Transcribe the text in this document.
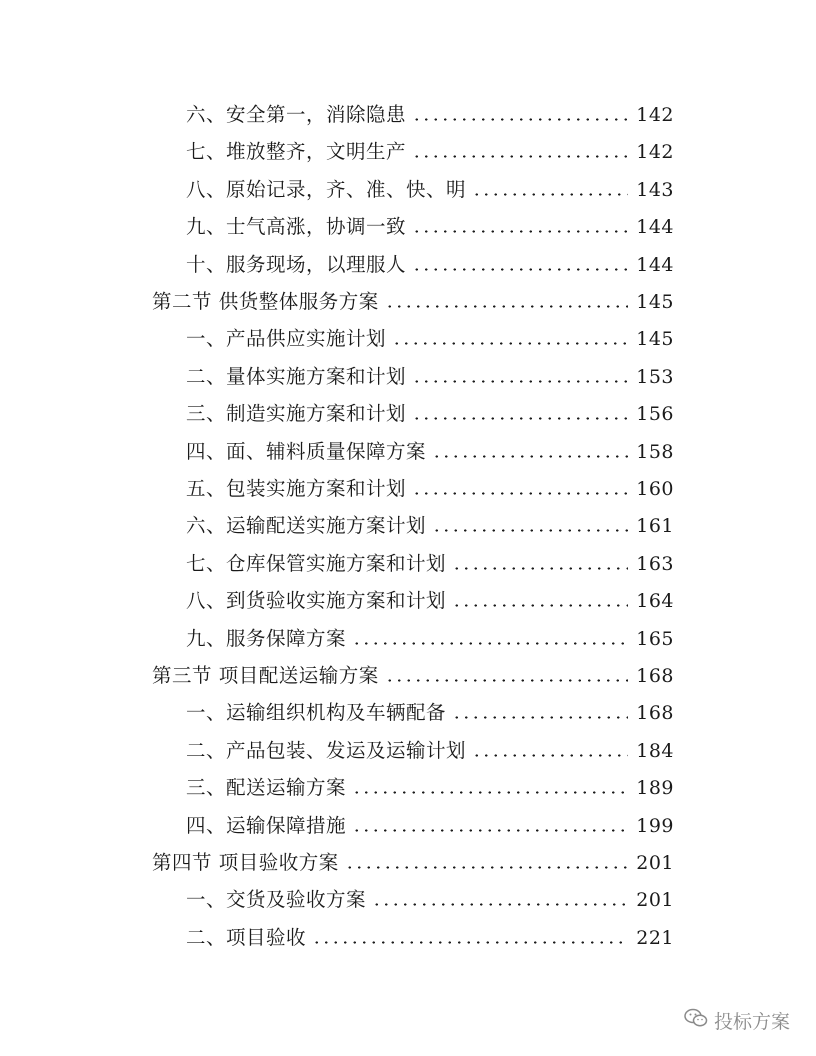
六、安全第一，消除隐患	142
七、堆放整齐，文明生产	142
八、原始记录，齐、准、快、明	143
九、士气高涨，协调一致	144
十、服务现场，以理服人	144
第二节 供货整体服务方案	145
一、产品供应实施计划	145
二、量体实施方案和计划	153
三、制造实施方案和计划	156
四、面、辅料质量保障方案	158
五、包装实施方案和计划	160
六、运输配送实施方案计划	161
七、仓库保管实施方案和计划	163
八、到货验收实施方案和计划	164
九、服务保障方案	165
第三节 项目配送运输方案	168
一、运输组织机构及车辆配备	168
二、产品包装、发运及运输计划	184
三、配送运输方案	189
四、运输保障措施	199
第四节 项目验收方案	201
一、交货及验收方案	201
二、项目验收	221
投标方案
